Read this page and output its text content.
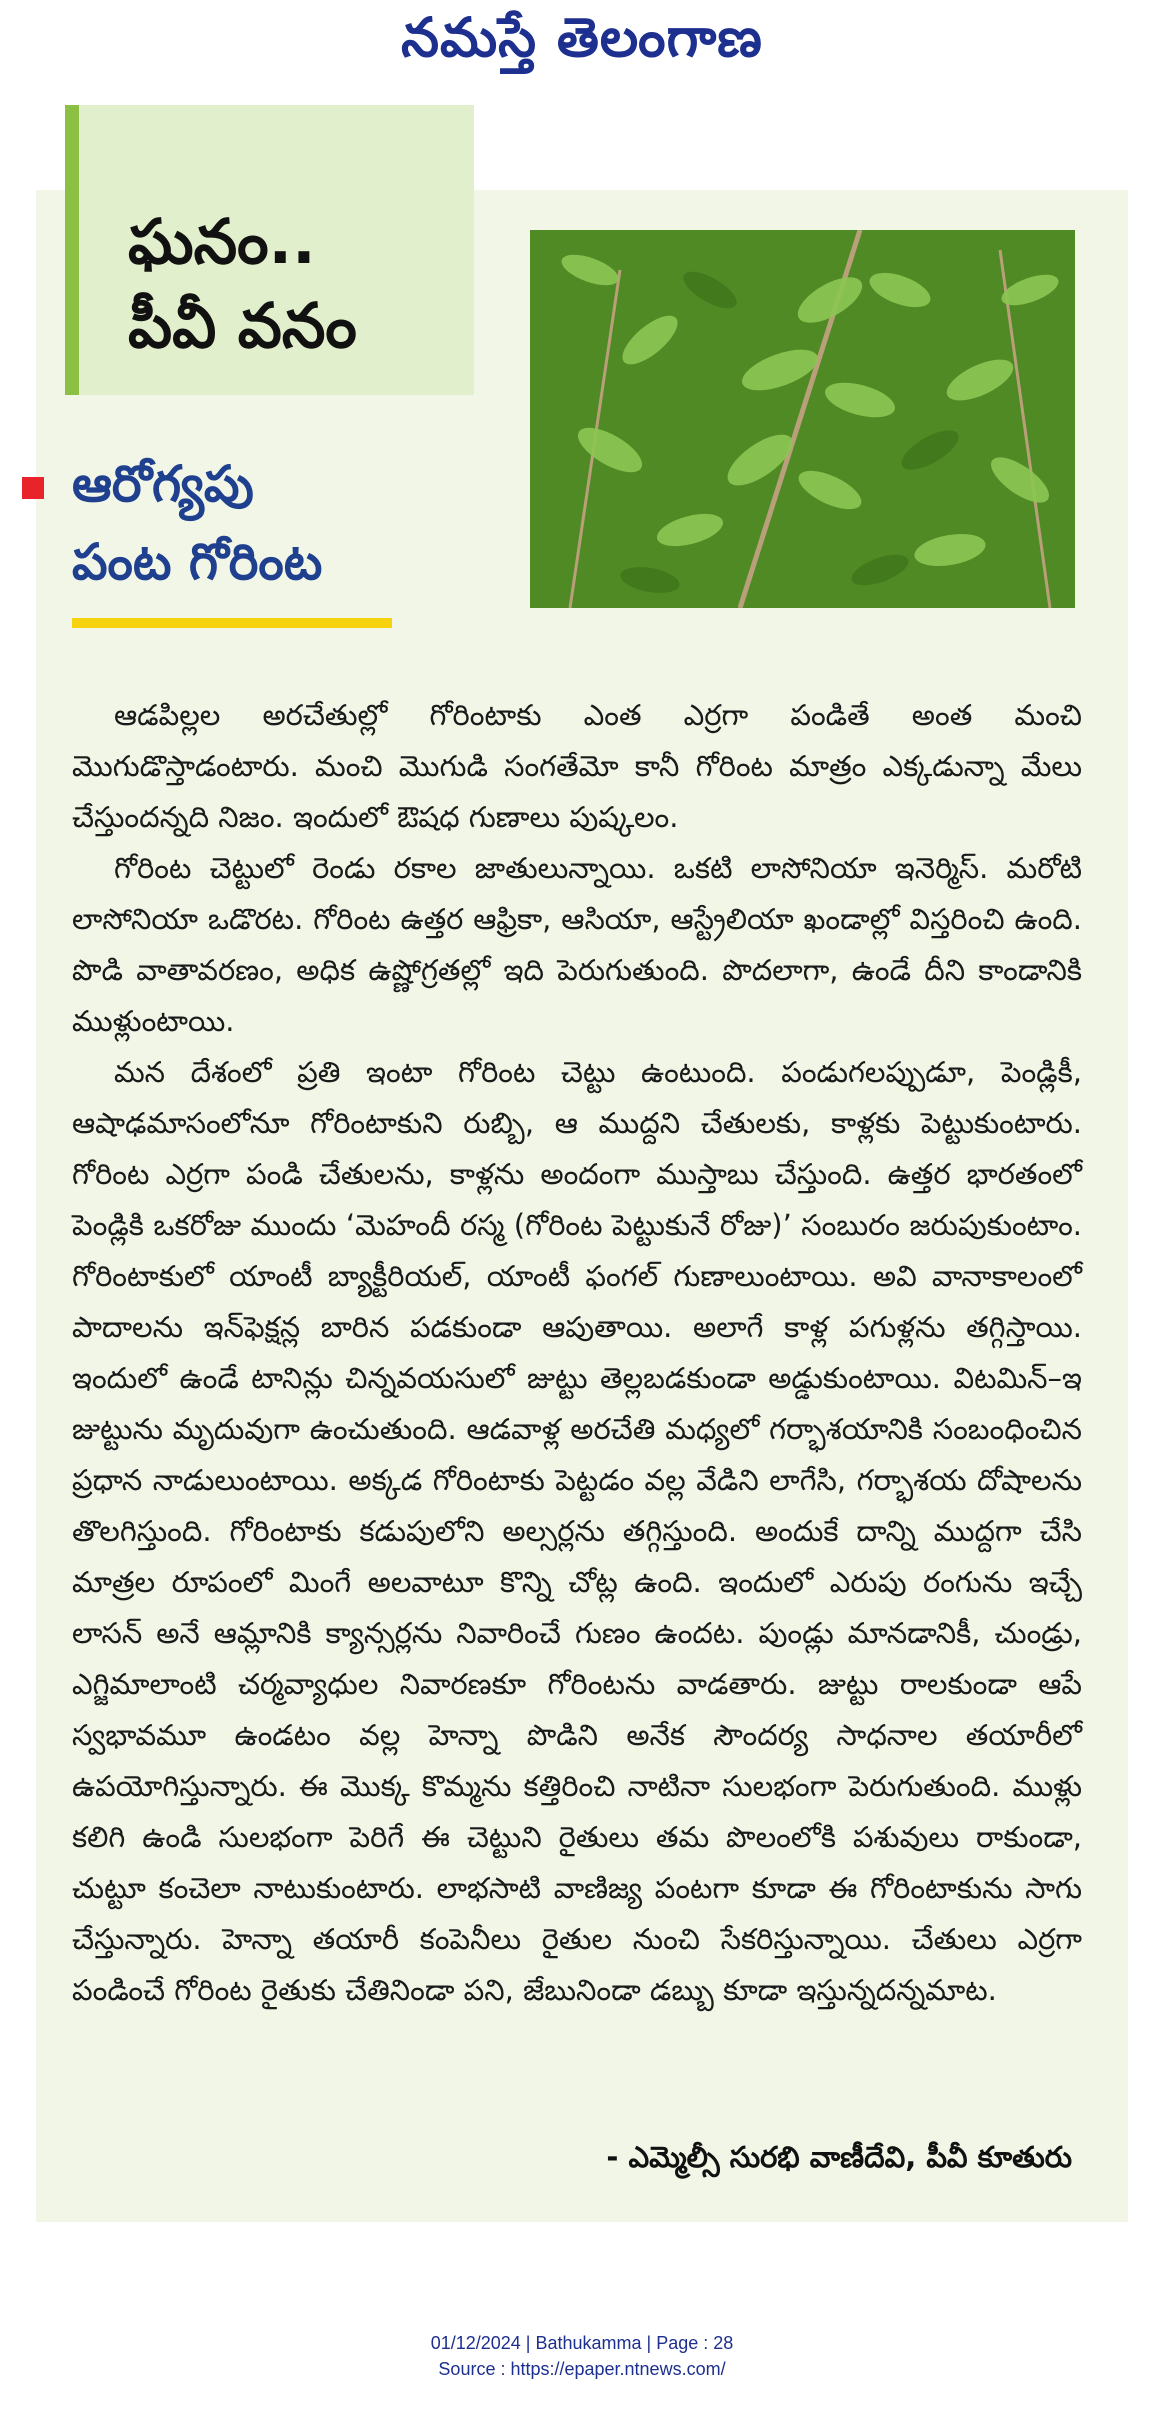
నమస్తే తెలంగాణ
ఘనం..
పీవీ వనం
ఆరోగ్యపు
పంట గోరింట

ఆడపిల్లల అరచేతుల్లో గోరింటాకు ఎంత ఎర్రగా పండితే అంత మంచి మొగుడొస్తాడంటారు. మంచి మొగుడి సంగతేమో కానీ గోరింట మాత్రం ఎక్కడున్నా మేలు చేస్తుందన్నది నిజం. ఇందులో ఔషధ గుణాలు పుష్కలం.

గోరింట చెట్టులో రెండు రకాల జాతులున్నాయి. ఒకటి లాసోనియా ఇనెర్మిస్. మరోటి లాసోనియా ఒడొరట. గోరింట ఉత్తర ఆఫ్రికా, ఆసియా, ఆస్ట్రేలియా ఖండాల్లో విస్తరించి ఉంది. పొడి వాతావరణం, అధిక ఉష్ణోగ్రతల్లో ఇది పెరుగుతుంది. పొదలాగా, ఉండే దీని కాండానికి ముళ్లుంటాయి.

మన దేశంలో ప్రతి ఇంటా గోరింట చెట్టు ఉంటుంది. పండుగలప్పుడూ, పెండ్లికీ, ఆషాఢమాసంలోనూ గోరింటాకుని రుబ్బి, ఆ ముద్దని చేతులకు, కాళ్లకు పెట్టుకుంటారు. గోరింట ఎర్రగా పండి చేతులను, కాళ్లను అందంగా ముస్తాబు చేస్తుంది. ఉత్తర భారతంలో పెండ్లికి ఒకరోజు ముందు ‘మెహందీ రస్మ (గోరింట పెట్టుకునే రోజు)’ సంబురం జరుపుకుంటాం. గోరింటాకులో యాంటీ బ్యాక్టీరియల్, యాంటీ ఫంగల్ గుణాలుంటాయి. అవి వానాకాలంలో పాదాలను ఇన్‌ఫెక్షన్ల బారిన పడకుండా ఆపుతాయి. అలాగే కాళ్ల పగుళ్లను తగ్గిస్తాయి. ఇందులో ఉండే టానిన్లు చిన్నవయసులో జుట్టు తెల్లబడకుండా అడ్డుకుంటాయి. విటమిన్‌–ఇ జుట్టును మృదువుగా ఉంచుతుంది. ఆడవాళ్ల అరచేతి మధ్యలో గర్భాశయానికి సంబంధించిన ప్రధాన నాడులుంటాయి. అక్కడ గోరింటాకు పెట్టడం వల్ల వేడిని లాగేసి, గర్భాశయ దోషాలను తొలగిస్తుంది. గోరింటాకు కడుపులోని అల్సర్లను తగ్గిస్తుంది. అందుకే దాన్ని ముద్దగా చేసి మాత్రల రూపంలో మింగే అలవాటూ కొన్ని చోట్ల ఉంది. ఇందులో ఎరుపు రంగును ఇచ్చే లాసన్ అనే ఆమ్లానికి క్యాన్సర్లను నివారించే గుణం ఉందట. పుండ్లు మానడానికీ, చుండ్రు, ఎగ్జిమాలాంటి చర్మవ్యాధుల నివారణకూ గోరింటను వాడతారు. జుట్టు రాలకుండా ఆపే స్వభావమూ ఉండటం వల్ల హెన్నా పొడిని అనేక సౌందర్య సాధనాల తయారీలో ఉపయోగిస్తున్నారు. ఈ మొక్క కొమ్మను కత్తిరించి నాటినా సులభంగా పెరుగుతుంది. ముళ్లు కలిగి ఉండి సులభంగా పెరిగే ఈ చెట్టుని రైతులు తమ పొలంలోకి పశువులు రాకుండా, చుట్టూ కంచెలా నాటుకుంటారు. లాభసాటి వాణిజ్య పంటగా కూడా ఈ గోరింటాకును సాగు చేస్తున్నారు. హెన్నా తయారీ కంపెనీలు రైతుల నుంచి సేకరిస్తున్నాయి. చేతులు ఎర్రగా పండించే గోరింట రైతుకు చేతినిండా పని, జేబునిండా డబ్బు కూడా ఇస్తున్నదన్నమాట.

- ఎమ్మెల్సీ సురభి వాణీదేవి, పీవీ కూతురు
01/12/2024 | Bathukamma | Page : 28
Source : https://epaper.ntnews.com/
